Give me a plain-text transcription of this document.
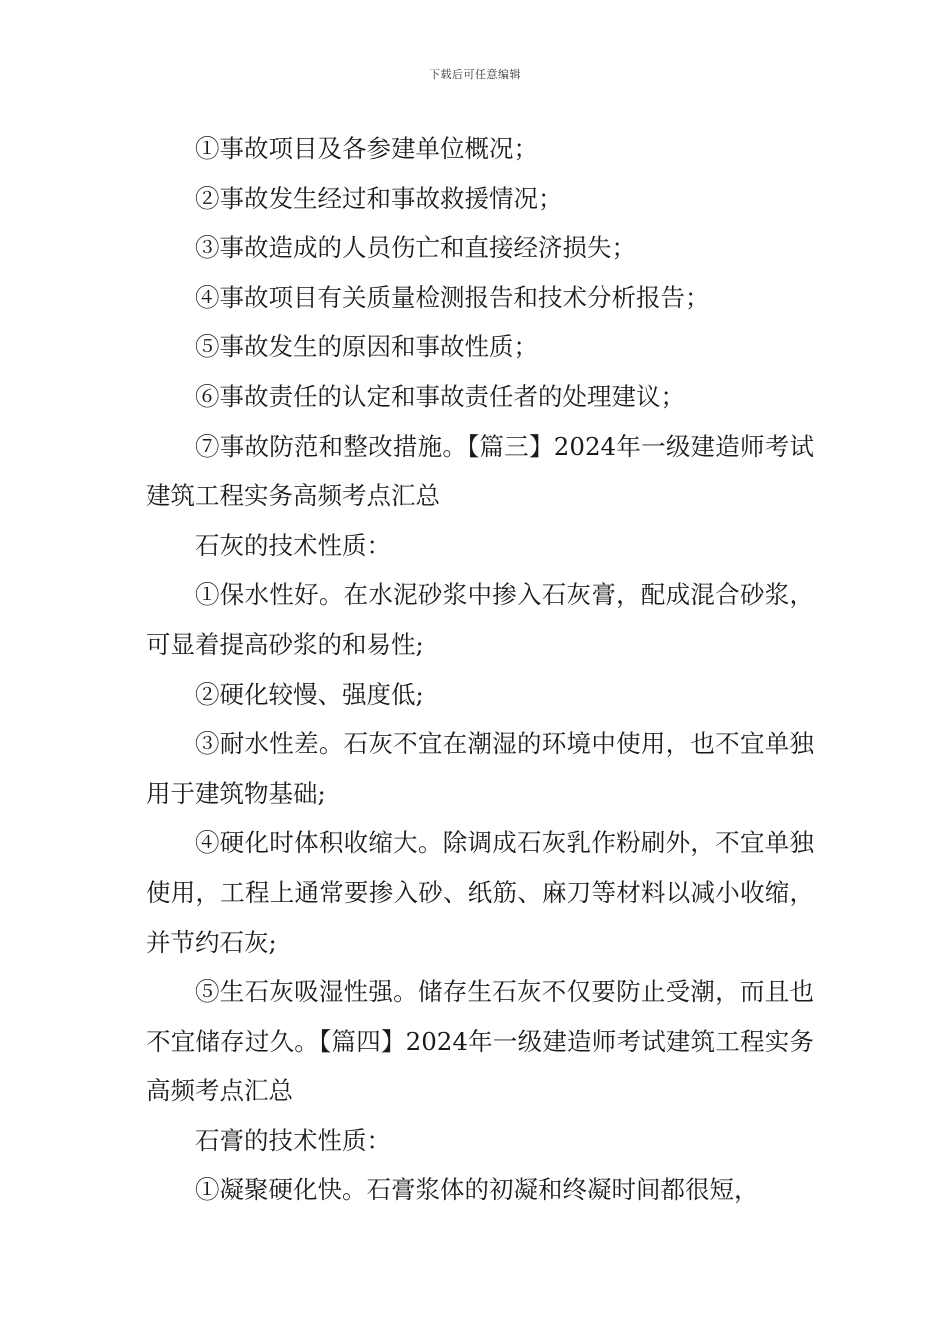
下载后可任意编辑

①事故项目及各参建单位概况；

②事故发生经过和事故救援情况；

③事故造成的人员伤亡和直接经济损失；

④事故项目有关质量检测报告和技术分析报告；

⑤事故发生的原因和事故性质；

⑥事故责任的认定和事故责任者的处理建议；

⑦事故防范和整改措施。【篇三】2024年一级建造师考试建筑工程实务高频考点汇总

石灰的技术性质：

①保水性好。在水泥砂浆中掺入石灰膏，配成混合砂浆，可显着提高砂浆的和易性;

②硬化较慢、强度低;

③耐水性差。石灰不宜在潮湿的环境中使用，也不宜单独用于建筑物基础;

④硬化时体积收缩大。除调成石灰乳作粉刷外，不宜单独使用，工程上通常要掺入砂、纸筋、麻刀等材料以减小收缩，并节约石灰;

⑤生石灰吸湿性强。储存生石灰不仅要防止受潮，而且也不宜储存过久。【篇四】2024年一级建造师考试建筑工程实务高频考点汇总

石膏的技术性质：

①凝聚硬化快。石膏浆体的初凝和终凝时间都很短，
